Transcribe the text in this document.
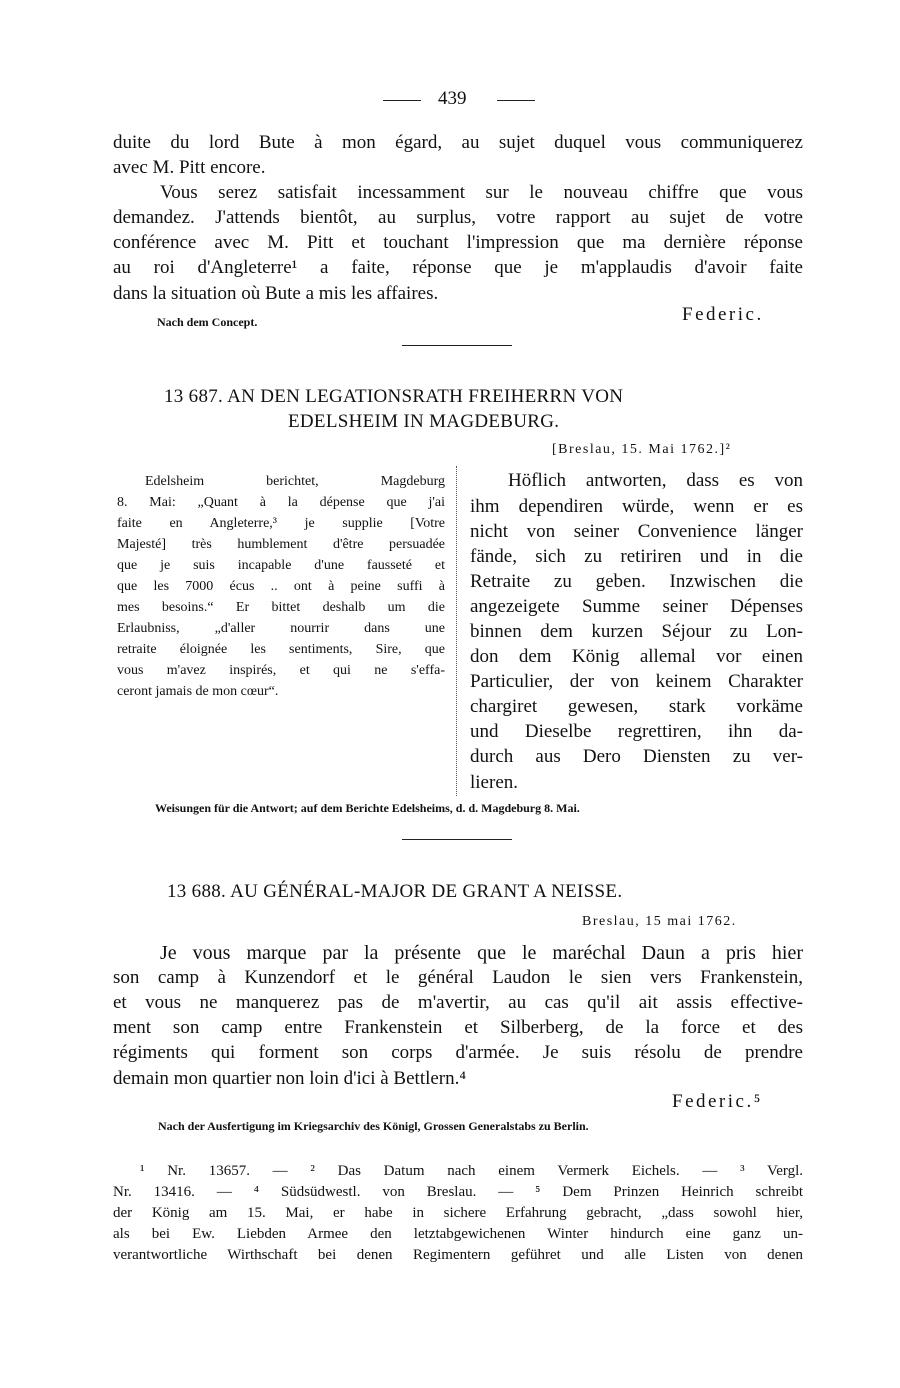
439
duite du lord Bute à mon égard, au sujet duquel vous communiquerez
avec M. Pitt encore.
Vous serez satisfait incessamment sur le nouveau chiffre que vous
demandez. J'attends bientôt, au surplus, votre rapport au sujet de votre
conférence avec M. Pitt et touchant l'impression que ma dernière réponse
au roi d'Angleterre¹ a faite, réponse que je m'applaudis d'avoir faite
dans la situation où Bute a mis les affaires.
Nach dem Concept.	Federic.
13 687. AN DEN LEGATIONSRATH FREIHERRN VON
EDELSHEIM IN MAGDEBURG.
[Breslau, 15. Mai 1762.]²
Edelsheim berichtet, Magdeburg
8. Mai: „Quant à la dépense que j'ai
faite en Angleterre,³ je supplie [Votre
Majesté] très humblement d'être persuadée
que je suis incapable d'une fausseté et
que les 7000 écus .. ont à peine suffi à
mes besoins.“ Er bittet deshalb um die
Erlaubniss, „d'aller nourrir dans une
retraite éloignée les sentiments, Sire, que
vous m'avez inspirés, et qui ne s'effa-
ceront jamais de mon cœur“.
Höflich antworten, dass es von
ihm dependiren würde, wenn er es
nicht von seiner Convenience länger
fände, sich zu retiriren und in die
Retraite zu geben. Inzwischen die
angezeigete Summe seiner Dépenses
binnen dem kurzen Séjour zu Lon-
don dem König allemal vor einen
Particulier, der von keinem Charakter
chargiret gewesen, stark vorkäme
und Dieselbe regrettiren, ihn da-
durch aus Dero Diensten zu ver-
lieren.
Weisungen für die Antwort; auf dem Berichte Edelsheims, d. d. Magdeburg 8. Mai.
13 688. AU GÉNÉRAL-MAJOR DE GRANT A NEISSE.
Breslau, 15 mai 1762.
Je vous marque par la présente que le maréchal Daun a pris hier
son camp à Kunzendorf et le général Laudon le sien vers Frankenstein,
et vous ne manquerez pas de m'avertir, au cas qu'il ait assis effective-
ment son camp entre Frankenstein et Silberberg, de la force et des
régiments qui forment son corps d'armée. Je suis résolu de prendre
demain mon quartier non loin d'ici à Bettlern.⁴
Federic.⁵
Nach der Ausfertigung im Kriegsarchiv des Königl, Grossen Generalstabs zu Berlin.
¹ Nr. 13657. — ² Das Datum nach einem Vermerk Eichels. — ³ Vergl.
Nr. 13416. — ⁴ Südsüdwestl. von Breslau. — ⁵ Dem Prinzen Heinrich schreibt
der König am 15. Mai, er habe in sichere Erfahrung gebracht, „dass sowohl hier,
als bei Ew. Liebden Armee den letztabgewichenen Winter hindurch eine ganz un-
verantwortliche Wirthschaft bei denen Regimentern geführet und alle Listen von denen
